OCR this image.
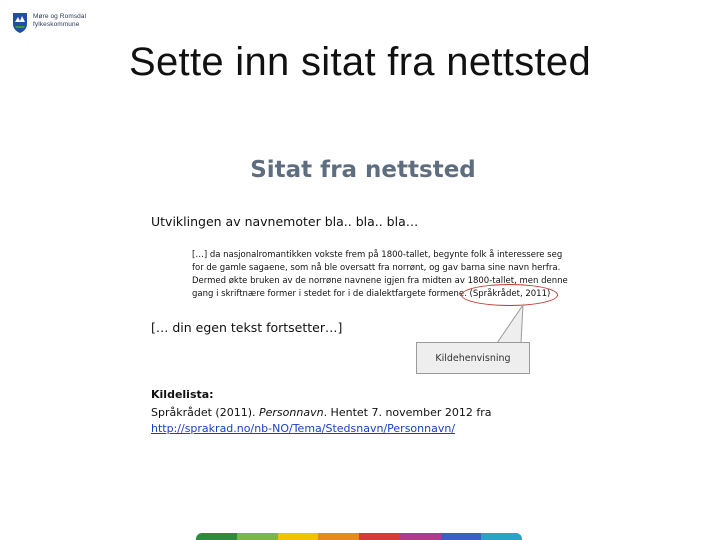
Møre og Romsdal
fylkeskommune
Sette inn sitat fra nettsted
Sitat fra nettsted
Utviklingen av navnemoter bla.. bla.. bla…
[…] da nasjonalromantikken vokste frem på 1800-tallet, begynte folk å interessere seg
for de gamle sagaene, som nå ble oversatt fra norrønt, og gav barna sine navn herfra.
Dermed økte bruken av de norrøne navnene igjen fra midten av 1800-tallet, men denne
gang i skriftnære former i stedet for i de dialektfargete formene. (Språkrådet, 2011)
Kildehenvisning
[… din egen tekst fortsetter…]
Kildelista:
Språkrådet (2011). Personnavn. Hentet 7. november 2012 fra
http://sprakrad.no/nb-NO/Tema/Stedsnavn/Personnavn/
